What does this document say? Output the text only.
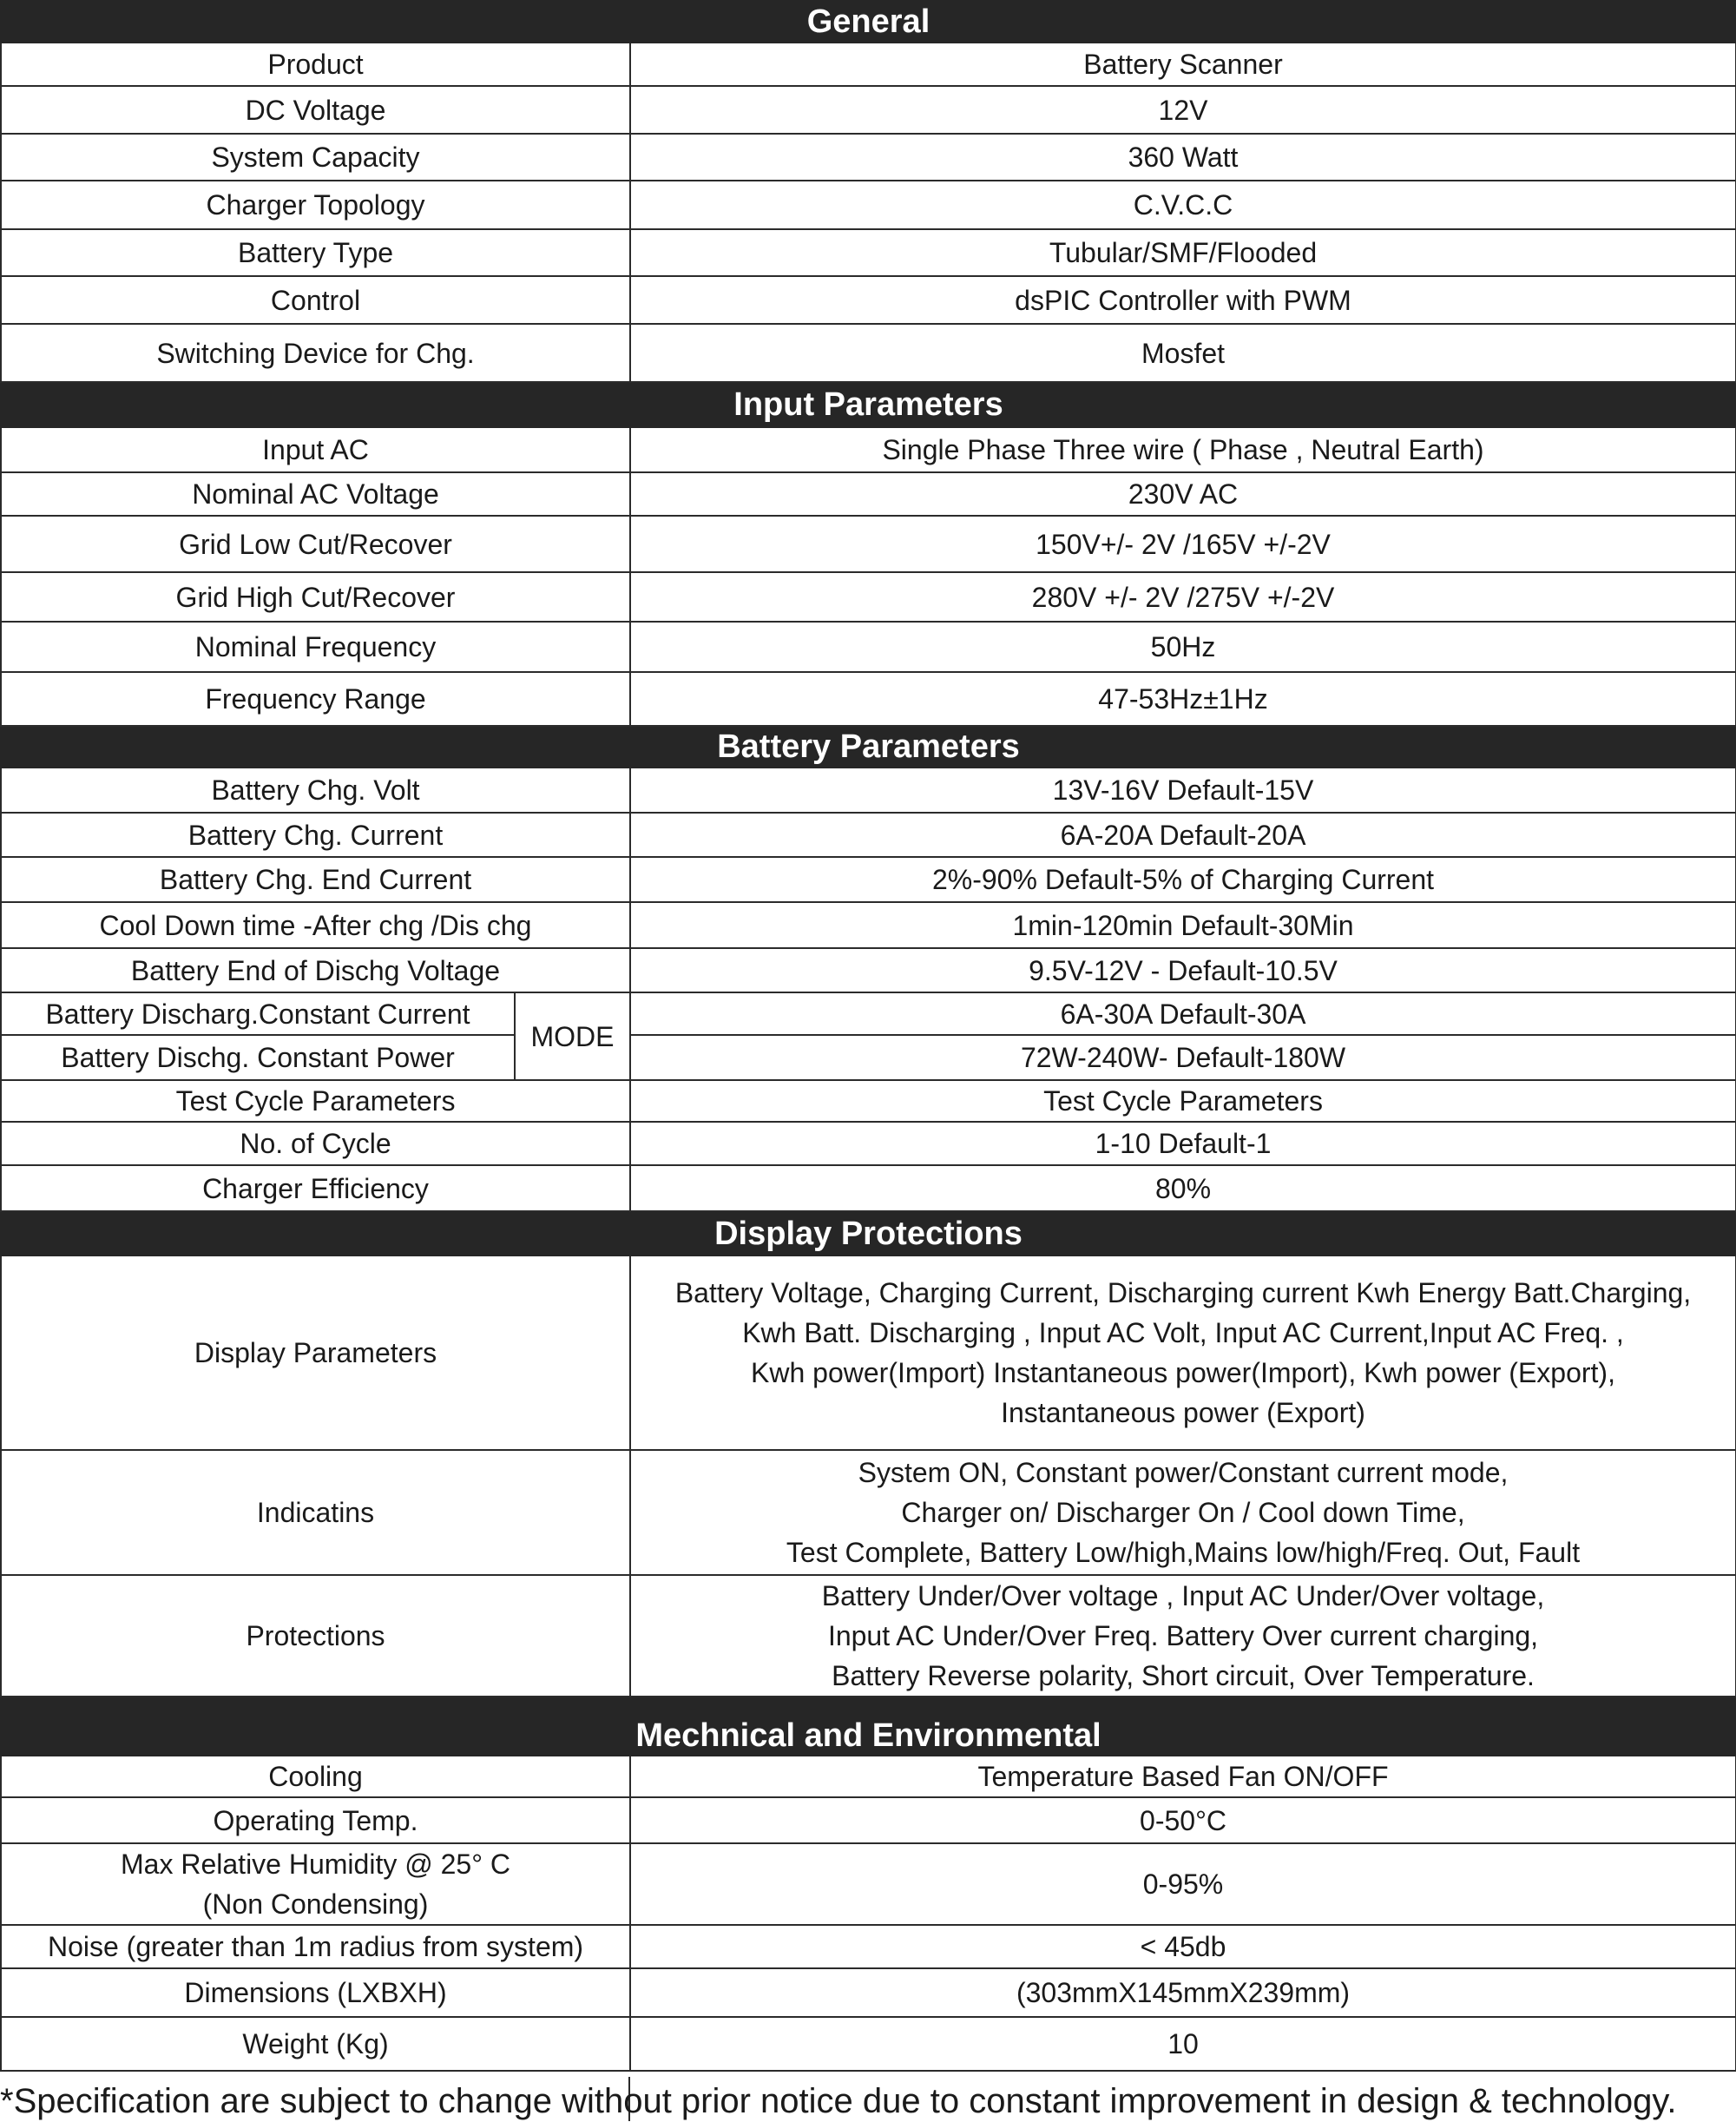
General		
Product		Battery Scanner
DC Voltage		12V
System Capacity		360 Watt
Charger Topology		C.V.C.C
Battery Type		Tubular/SMF/Flooded
Control		dsPIC Controller with PWM
Switching Device for Chg.		Mosfet
Input Parameters		
Input AC		Single Phase Three wire ( Phase , Neutral Earth)
Nominal AC Voltage		230V AC
Grid Low Cut/Recover		150V+/- 2V /165V +/-2V
Grid High Cut/Recover		280V +/- 2V /275V +/-2V
Nominal Frequency		50Hz
Frequency Range		47-53Hz±1Hz
Battery Parameters		
Battery Chg. Volt		13V-16V Default-15V
Battery Chg. Current		6A-20A Default-20A
Battery Chg. End Current		2%-90% Default-5% of Charging Current
Cool Down time -After chg /Dis chg		1min-120min Default-30Min
Battery End of Dischg Voltage		9.5V-12V - Default-10.5V
Battery Discharg.Constant Current	MODE	6A-30A Default-30A
Battery Dischg. Constant Power		72W-240W- Default-180W
Test Cycle Parameters		Test Cycle Parameters
No. of Cycle		1-10 Default-1
Charger Efficiency		80%
Display Protections		
Display Parameters		Battery Voltage, Charging Current, Discharging current Kwh Energy Batt.Charging,
Kwh Batt. Discharging , Input AC Volt, Input AC Current,Input AC Freq. ,
Kwh power(Import) Instantaneous power(Import), Kwh power (Export),
Instantaneous power (Export)

Indicatins		System ON, Constant power/Constant current mode,
Charger on/ Discharger On / Cool down Time,
Test Complete, Battery Low/high,Mains low/high/Freq. Out, Fault

Protections		Battery Under/Over voltage , Input AC Under/Over voltage,
Input AC Under/Over Freq. Battery Over current charging,
Battery Reverse polarity, Short circuit, Over Temperature.

Mechnical and Environmental		
Cooling		Temperature Based Fan ON/OFF
Operating Temp.		0-50°C

Max Relative Humidity @ 25° C
(Non Condensing)		0-95%
Noise (greater than 1m radius from system)		< 45db
Dimensions (LXBXH)		(303mmX145mmX239mm)
Weight (Kg)		10
*Specification are subject to change without prior notice due to constant improvement in design & technology.
